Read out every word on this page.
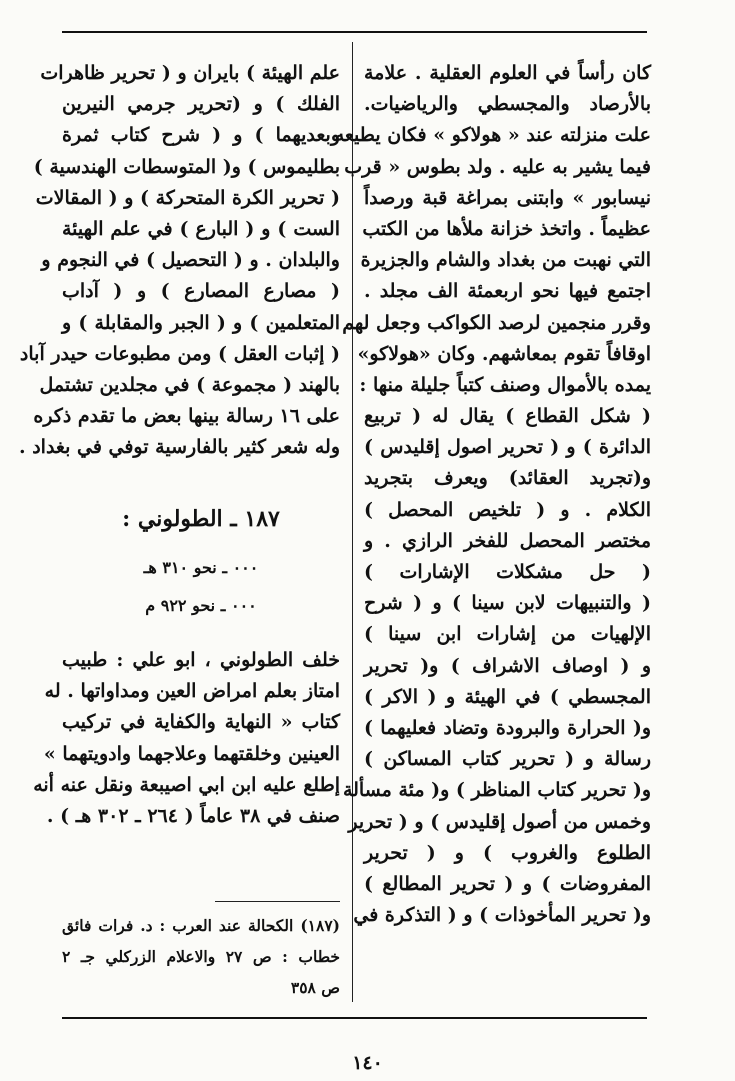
كان رأساً في العلوم العقلية . علامة
بالأرصاد والمجسطي والرياضيات.
علت منزلته عند « هولاكو » فكان يطيعه
فيما يشير به عليه . ولد بطوس « قرب
نيسابور » وابتنى بمراغة قبة ورصداً
عظيماً . واتخذ خزانة ملأها من الكتب
التي نهبت من بغداد والشام والجزيرة
اجتمع فيها نحو اربعمئة الف مجلد .
وقرر منجمين لرصد الكواكب وجعل لهم
اوقافاً تقوم بمعاشهم. وكان «هولاكو»
يمده بالأموال وصنف كتباً جليلة منها :
( شكل القطاع ) يقال له ( تربيع
الدائرة ) و ( تحرير اصول إقليدس )
و(تجريد العقائد) ويعرف بتجريد
الكلام . و ( تلخيص المحصل )
مختصر المحصل للفخر الرازي . و
( حل مشكلات الإشارات )
( والتنبيهات لابن سينا ) و ( شرح
الإلهيات من إشارات ابن سينا )
و ( اوصاف الاشراف ) و( تحرير
المجسطي ) في الهيئة و ( الاكر )
و( الحرارة والبرودة وتضاد فعليهما )
رسالة و ( تحرير كتاب المساكن )
و( تحرير كتاب المناظر ) و( مئة مسألة
وخمس من أصول إقليدس ) و ( تحرير
الطلوع والغروب ) و ( تحرير
المفروضات ) و ( تحرير المطالع )
و( تحرير المأخوذات ) و ( التذكرة في
علم الهيئة ) بايران و ( تحرير ظاهرات
الفلك ) و (تحرير جرمي النيرين
وبعديهما ) و ( شرح كتاب ثمرة
بطليموس ) و( المتوسطات الهندسية )
( تحرير الكرة المتحركة ) و ( المقالات
الست ) و ( البارع ) في علم الهيئة
والبلدان . و ( التحصيل ) في النجوم و
( مصارع المصارع ) و ( آداب
المتعلمين ) و ( الجبر والمقابلة ) و
( إثبات العقل ) ومن مطبوعات حيدر آباد
بالهند ( مجموعة ) في مجلدين تشتمل
على ١٦ رسالة بينها بعض ما تقدم ذكره
وله شعر كثير بالفارسية توفي في بغداد .
١٨٧ ـ الطولوني :
٠٠٠ ـ نحو ٣١٠ هـ
٠٠٠ ـ نحو ٩٢٢ م
خلف الطولوني ، ابو علي : طبيب
امتاز بعلم امراض العين ومداواتها . له
كتاب « النهاية والكفاية في تركيب
العينين وخلقتهما وعلاجهما وادويتهما »
إطلع عليه ابن ابي اصيبعة ونقل عنه أنه
صنف في ٣٨ عاماً ( ٢٦٤ ـ ٣٠٢ هـ ) .
(١٨٧) الكحالة عند العرب : د. فرات فائق
خطاب : ص ٢٧ والاعلام الزركلي جـ ٢
ص ٣٥٨
١٤٠
